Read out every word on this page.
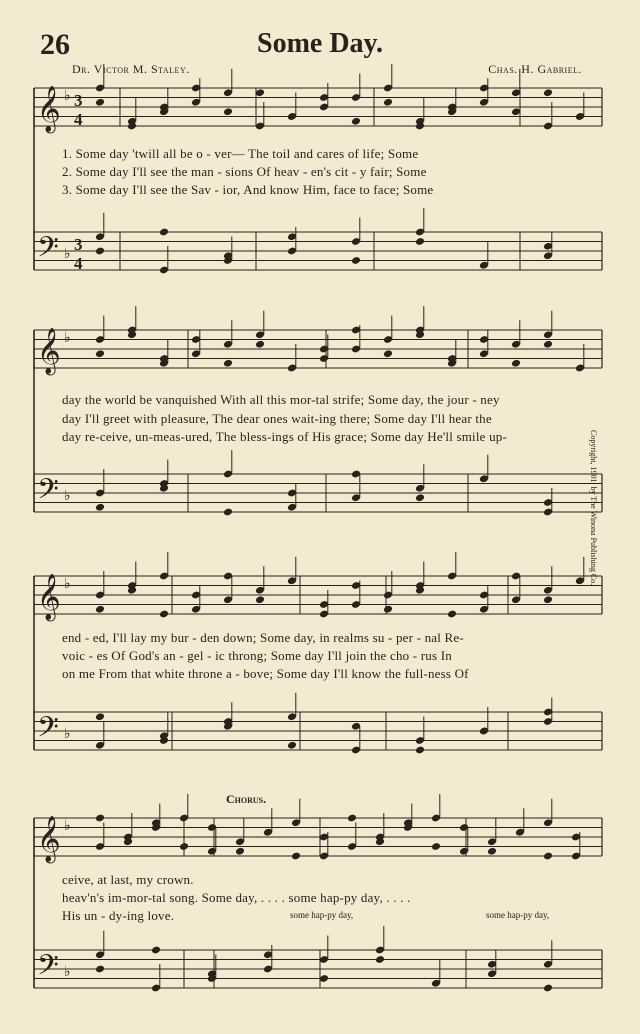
26	Some Day.
Dr. Victor M. Staley.	Chas. H. Gabriel.
𝄞
𝄢
♭
♭
3
4
3
4
𝄞
𝄢
♭
♭
𝄞
𝄢
♭
♭
𝄞
𝄢
♭
♭
1. Some day 'twill all be o - ver— The toil and cares of life; Some
2. Some day I'll see the man - sions Of heav - en's cit - y fair; Some
3. Some day I'll see the Sav - ior, And know Him, face to face; Some
day the world be vanquished With all this mor-tal strife; Some day, the jour - ney
day I'll greet with pleasure, The dear ones wait-ing there; Some day I'll hear the
day re-ceive, un-meas-ured, The bless-ings of His grace; Some day He'll smile up-
end - ed, I'll lay my bur - den down; Some day, in realms su - per - nal Re-
voic - es Of God's an - gel - ic throng; Some day I'll join the cho - rus In
on me From that white throne a - bove; Some day I'll know the full-ness Of
Chorus.
ceive, at last, my crown.
heav'n's im-mor-tal song. Some day, . . . . some hap-py day, . . . .
His un - dy-ing love.	some hap-py day,	some hap-py day,
Copyright, 1901, by The Winona Publishing Co.
